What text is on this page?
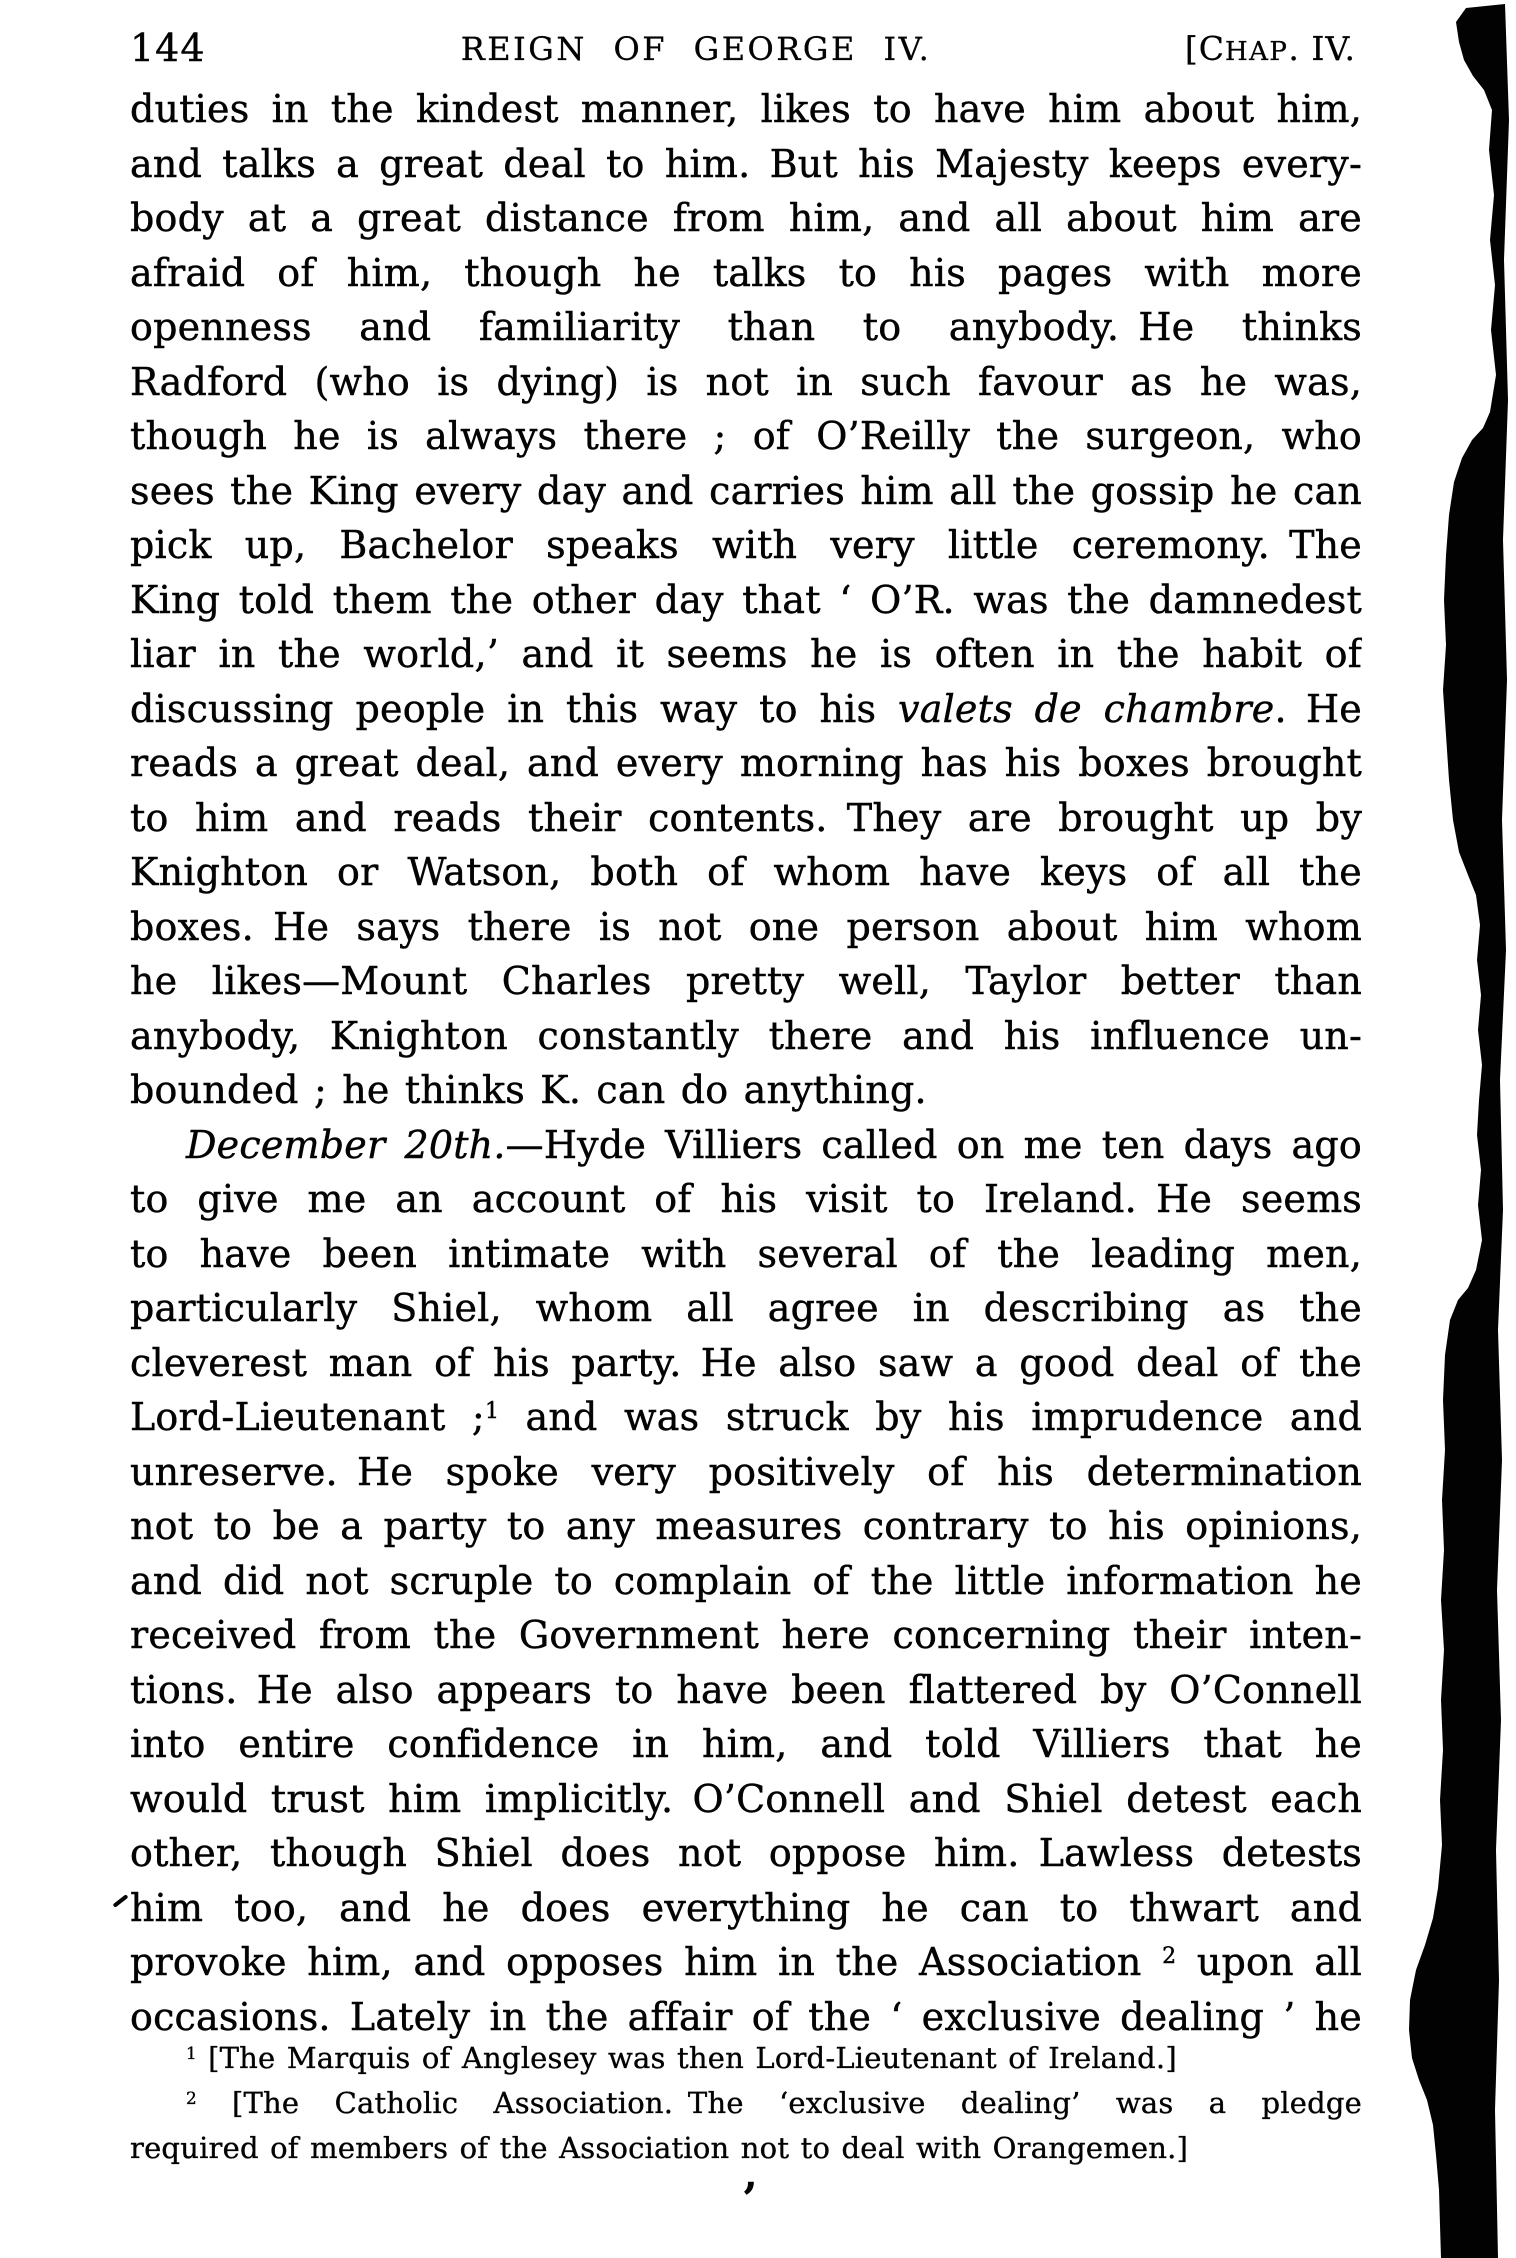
144	REIGN OF GEORGE IV.	[CHAP. IV.
duties in the kindest manner, likes to have him about him,
and talks a great deal to him. But his Majesty keeps every-
body at a great distance from him, and all about him are
afraid of him, though he talks to his pages with more
openness and familiarity than to anybody. He thinks
Radford (who is dying) is not in such favour as he was,
though he is always there ; of O’Reilly the surgeon, who
sees the King every day and carries him all the gossip he can
pick up, Bachelor speaks with very little ceremony. The
King told them the other day that ‘ O’R. was the damnedest
liar in the world,’ and it seems he is often in the habit of
discussing people in this way to his valets de chambre. He
reads a great deal, and every morning has his boxes brought
to him and reads their contents. They are brought up by
Knighton or Watson, both of whom have keys of all the
boxes. He says there is not one person about him whom
he likes—Mount Charles pretty well, Taylor better than
anybody, Knighton constantly there and his influence un-
bounded ; he thinks K. can do anything.
December 20th.—Hyde Villiers called on me ten days ago
to give me an account of his visit to Ireland. He seems
to have been intimate with several of the leading men,
particularly Shiel, whom all agree in describing as the
cleverest man of his party. He also saw a good deal of the
Lord-Lieutenant ;$^1$ and was struck by his imprudence and
unreserve. He spoke very positively of his determination
not to be a party to any measures contrary to his opinions,
and did not scruple to complain of the little information he
received from the Government here concerning their inten-
tions. He also appears to have been flattered by O’Connell
into entire confidence in him, and told Villiers that he
would trust him implicitly. O’Connell and Shiel detest each
other, though Shiel does not oppose him. Lawless detests
him too, and he does everything he can to thwart and
provoke him, and opposes him in the Association $^2$ upon all
occasions. Lately in the affair of the ‘ exclusive dealing ’ he
$^1$ [The Marquis of Anglesey was then Lord-Lieutenant of Ireland.]
$^2$ [The Catholic Association. The ‘exclusive dealing’ was a pledge
required of members of the Association not to deal with Orangemen.]
,
